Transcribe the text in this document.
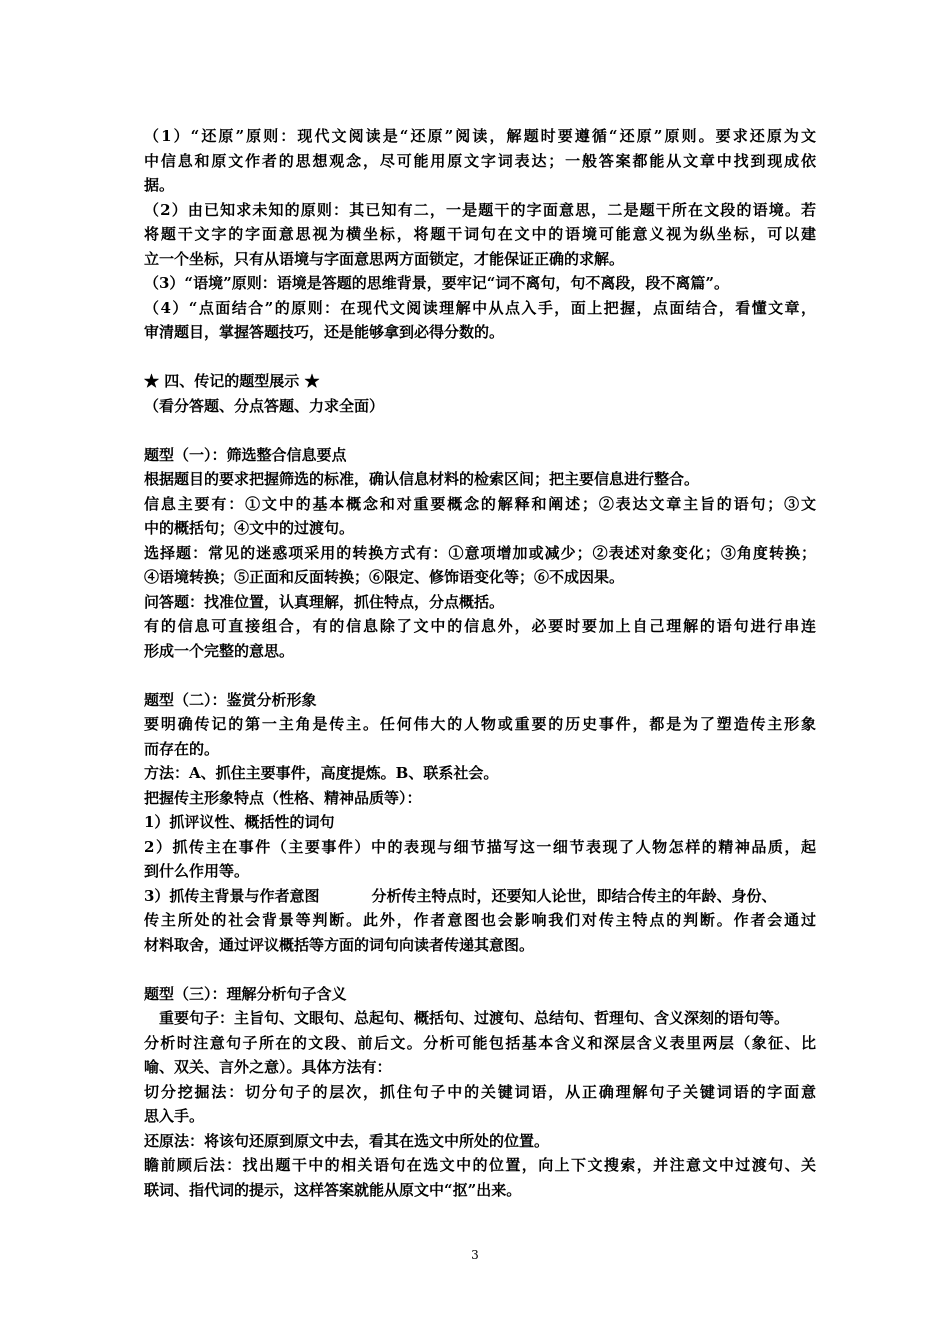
（1）“还原”原则：现代文阅读是“还原”阅读，解题时要遵循“还原”原则。要求还原为文
中信息和原文作者的思想观念，尽可能用原文字词表达；一般答案都能从文章中找到现成依
据。
（2）由已知求未知的原则：其已知有二，一是题干的字面意思，二是题干所在文段的语境。若
将题干文字的字面意思视为横坐标，将题干词句在文中的语境可能意义视为纵坐标，可以建
立一个坐标，只有从语境与字面意思两方面锁定，才能保证正确的求解。
（3）“语境”原则：语境是答题的思维背景，要牢记“词不离句，句不离段，段不离篇”。
（4）“点面结合”的原则：在现代文阅读理解中从点入手，面上把握，点面结合，看懂文章，
审清题目，掌握答题技巧，还是能够拿到必得分数的。
★ 四、传记的题型展示 ★
（看分答题、分点答题、力求全面）
题型（一）：筛选整合信息要点
根据题目的要求把握筛选的标准，确认信息材料的检索区间；把主要信息进行整合。
信息主要有：①文中的基本概念和对重要概念的解释和阐述；②表达文章主旨的语句；③文
中的概括句；④文中的过渡句。
选择题：常见的迷惑项采用的转换方式有：①意项增加或减少；②表述对象变化；③角度转换；
④语境转换；⑤正面和反面转换；⑥限定、修饰语变化等；⑥不成因果。
问答题：找准位置，认真理解，抓住特点，分点概括。
有的信息可直接组合，有的信息除了文中的信息外，必要时要加上自己理解的语句进行串连
形成一个完整的意思。
题型（二）：鉴赏分析形象
要明确传记的第一主角是传主。任何伟大的人物或重要的历史事件，都是为了塑造传主形象
而存在的。
方法：A、抓住主要事件，高度提炼。B、联系社会。
把握传主形象特点（性格、精神品质等）：
1）抓评议性、概括性的词句
2）抓传主在事件（主要事件）中的表现与细节描写这一细节表现了人物怎样的精神品质，起
到什么作用等。
3）抓传主背景与作者意图	分析传主特点时，还要知人论世，即结合传主的年龄、身份、
传主所处的社会背景等判断。此外，作者意图也会影响我们对传主特点的判断。作者会通过
材料取舍，通过评议概括等方面的词句向读者传递其意图。
题型（三）：理解分析句子含义
　重要句子：主旨句、文眼句、总起句、概括句、过渡句、总结句、哲理句、含义深刻的语句等。
分析时注意句子所在的文段、前后文。分析可能包括基本含义和深层含义表里两层（象征、比
喻、双关、言外之意）。具体方法有：
切分挖掘法：切分句子的层次，抓住句子中的关键词语，从正确理解句子关键词语的字面意
思入手。
还原法：将该句还原到原文中去，看其在选文中所处的位置。
瞻前顾后法：找出题干中的相关语句在选文中的位置，向上下文搜索，并注意文中过渡句、关
联词、指代词的提示，这样答案就能从原文中“抠”出来。
3
